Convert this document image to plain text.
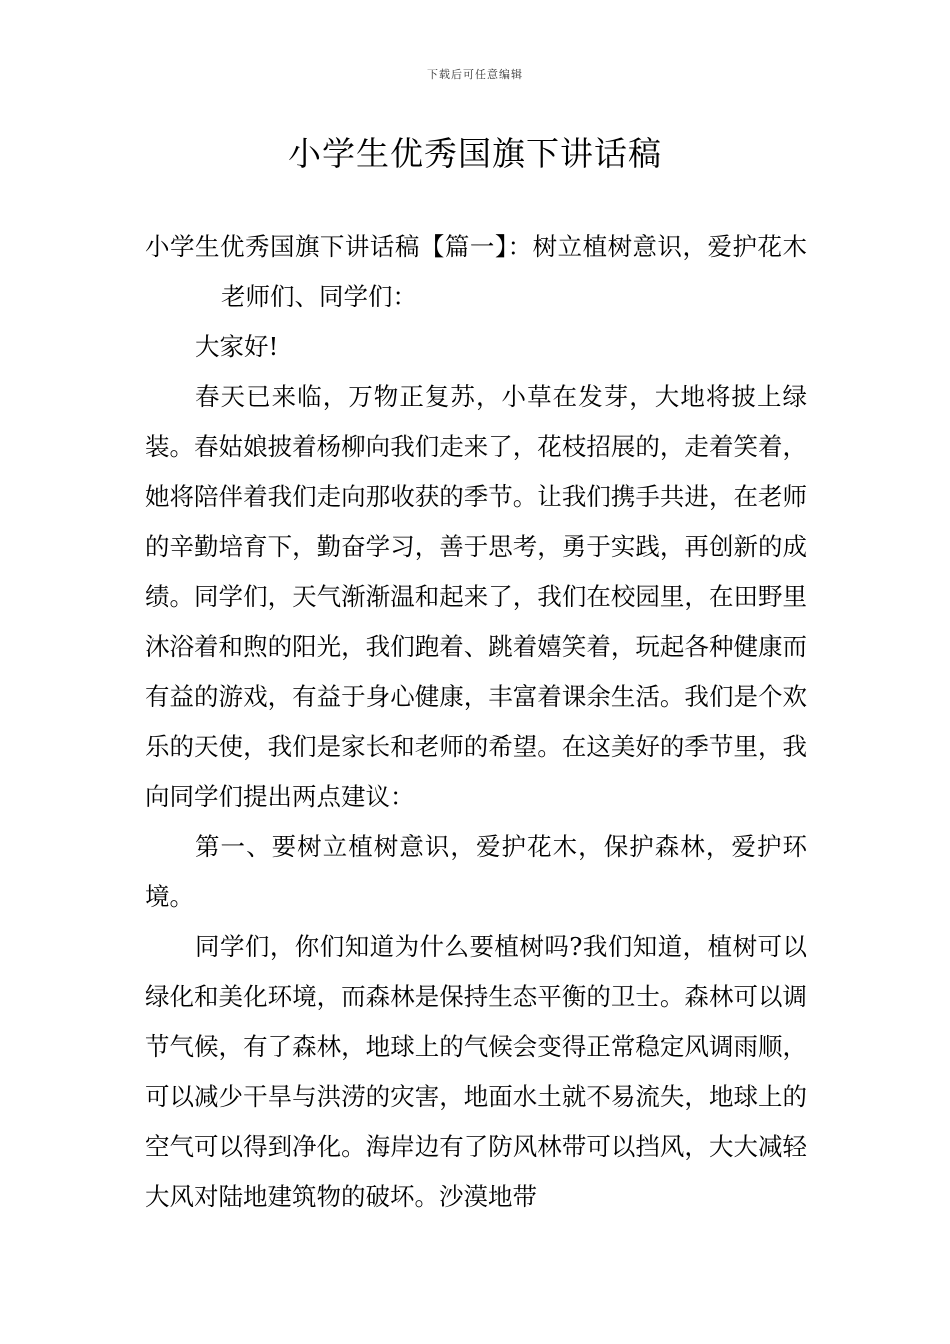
下载后可任意编辑
小学生优秀国旗下讲话稿

小学生优秀国旗下讲话稿【篇一】：树立植树意识，爱护花木老师们、同学们：

大家好!

春天已来临，万物正复苏，小草在发芽，大地将披上绿装。春姑娘披着杨柳向我们走来了，花枝招展的，走着笑着，她将陪伴着我们走向那收获的季节。让我们携手共进，在老师的辛勤培育下，勤奋学习，善于思考，勇于实践，再创新的成绩。同学们，天气渐渐温和起来了，我们在校园里，在田野里沐浴着和煦的阳光，我们跑着、跳着嬉笑着，玩起各种健康而有益的游戏，有益于身心健康，丰富着课余生活。我们是个欢乐的天使，我们是家长和老师的希望。在这美好的季节里，我向同学们提出两点建议：

第一、要树立植树意识，爱护花木，保护森林，爱护环境。

同学们，你们知道为什么要植树吗?我们知道，植树可以绿化和美化环境，而森林是保持生态平衡的卫士。森林可以调节气候，有了森林，地球上的气候会变得正常稳定风调雨顺，可以减少干旱与洪涝的灾害，地面水土就不易流失，地球上的空气可以得到净化。海岸边有了防风林带可以挡风，大大减轻大风对陆地建筑物的破坏。沙漠地带
